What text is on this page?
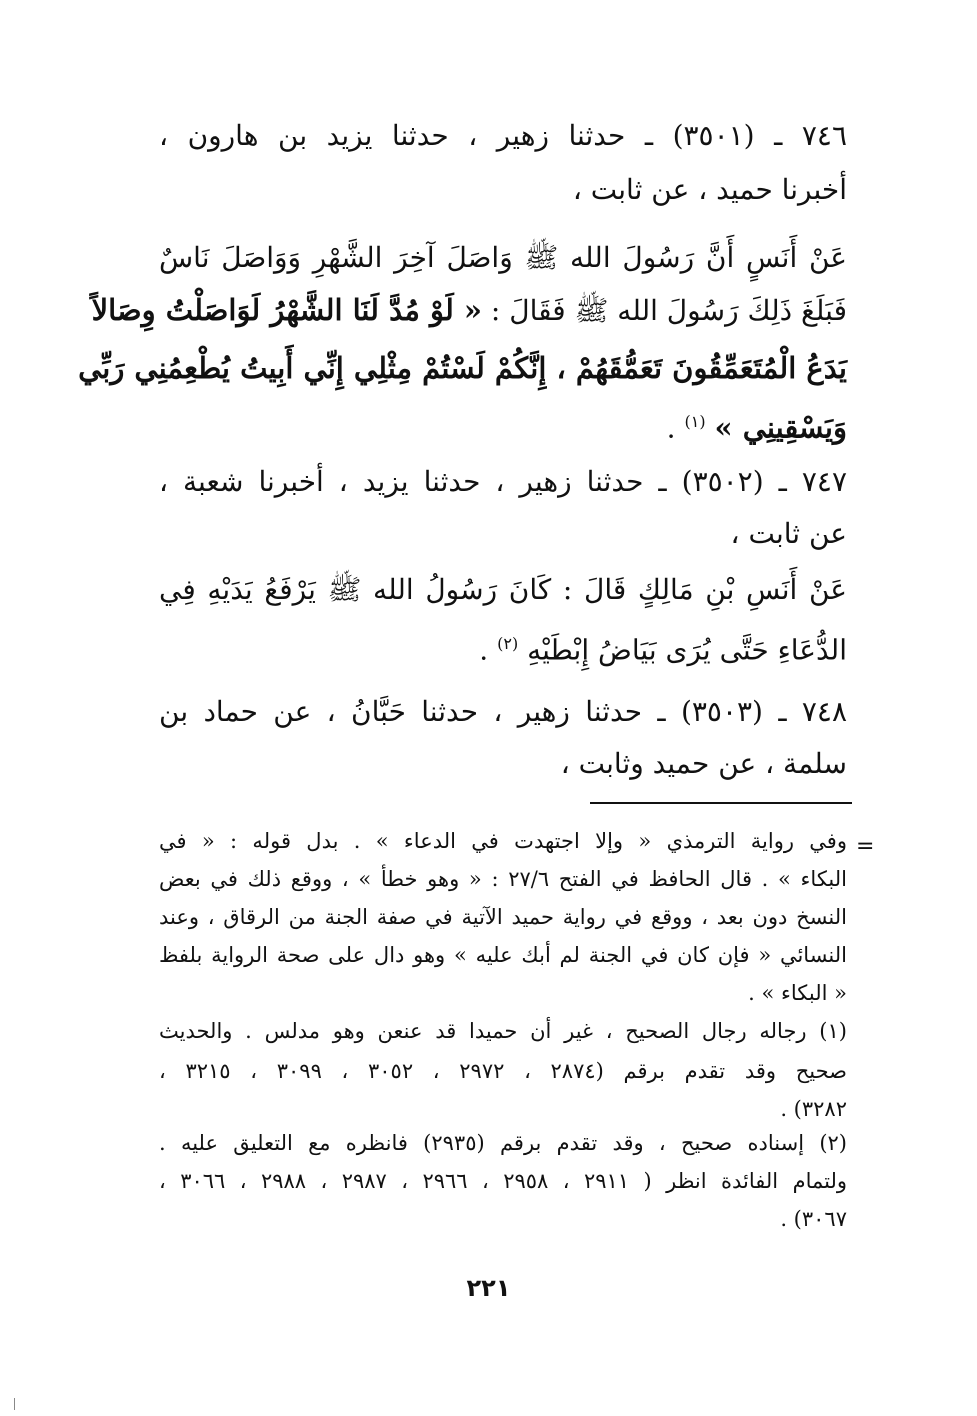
٧٤٦ ـ (٣٥٠١) ـ حدثنا زهير ، حدثنا يزيد بن هارون ،
أخبرنا حميد ، عن ثابت ،
عَنْ أَنَسٍ أَنَّ رَسُولَ الله ﷺ وَاصَلَ آخِرَ الشَّهْرِ وَوَاصَلَ نَاسٌ
فَبَلَغَ ذَلِكَ رَسُولَ الله ﷺ فَقَالَ : « لَوْ مُدَّ لَنَا الشَّهْرُ لَوَاصَلْتُ وِصَالاً
يَدَعُ الْمُتَعَمِّقُونَ تَعَمُّقَهُمْ ، إِنَّكُمْ لَسْتُمْ مِثْلِي إِنِّي أَبِيتُ يُطْعِمُنِي رَبِّي
وَيَسْقِينِي » $^{(١)}$ .
٧٤٧ ـ (٣٥٠٢) ـ حدثنا زهير ، حدثنا يزيد ، أخبرنا شعبة ،
عن ثابت ،
عَنْ أَنَسِ بْنِ مَالِكٍ قَالَ : كَانَ رَسُولُ الله ﷺ يَرْفَعُ يَدَيْهِ فِي
الدُّعَاءِ حَتَّى يُرَى بَيَاضُ إِبْطَيْهِ $^{(٢)}$ .
٧٤٨ ـ (٣٥٠٣) ـ حدثنا زهير ، حدثنا حَبَّانُ ، عن حماد بن
سلمة ، عن حميد وثابت ،
=
وفي رواية الترمذي « وإلا اجتهدت في الدعاء » . بدل قوله : « في
البكاء » . قال الحافظ في الفتح ٢٧/٦ : « وهو خطأ » ، ووقع ذلك في بعض
النسخ دون بعد ، ووقع في رواية حميد الآتية في صفة الجنة من الرقاق ، وعند
النسائي « فإن كان في الجنة لم أبك عليه » وهو دال على صحة الرواية بلفظ
« البكاء » .
(١) رجاله رجال الصحيح ، غير أن حميدا قد عنعن وهو مدلس . والحديث
صحيح وقد تقدم برقم (٢٨٧٤ ، ٢٩٧٢ ، ٣٠٥٢ ، ٣٠٩٩ ، ٣٢١٥ ،
٣٢٨٢) .
(٢) إسناده صحيح ، وقد تقدم برقم (٢٩٣٥) فانظره مع التعليق عليه .
ولتمام الفائدة انظر ( ٢٩١١ ، ٢٩٥٨ ، ٢٩٦٦ ، ٢٩٨٧ ، ٢٩٨٨ ، ٣٠٦٦ ،
٣٠٦٧) .
٢٢١
